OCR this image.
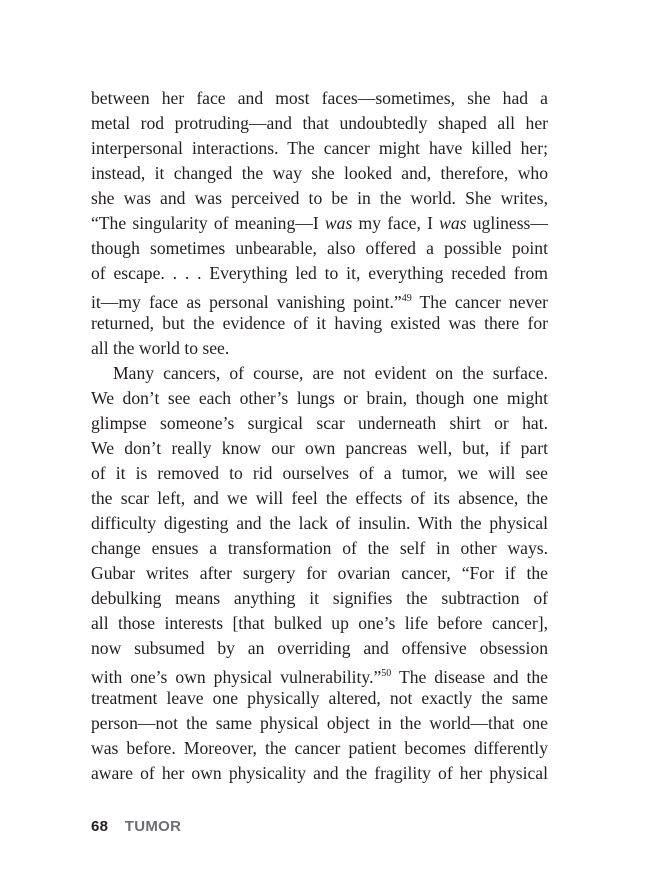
between her face and most faces—sometimes, she had a
metal rod protruding—and that undoubtedly shaped all her
interpersonal interactions. The cancer might have killed her;
instead, it changed the way she looked and, therefore, who
she was and was perceived to be in the world. She writes,
“The singularity of meaning—I was my face, I was ugliness—
though sometimes unbearable, also offered a possible point
of escape. . . . Everything led to it, everything receded from
it—my face as personal vanishing point.”$^{49}$ The cancer never
returned, but the evidence of it having existed was there for
all the world to see.
Many cancers, of course, are not evident on the surface.
We don’t see each other’s lungs or brain, though one might
glimpse someone’s surgical scar underneath shirt or hat.
We don’t really know our own pancreas well, but, if part
of it is removed to rid ourselves of a tumor, we will see
the scar left, and we will feel the effects of its absence, the
difficulty digesting and the lack of insulin. With the physical
change ensues a transformation of the self in other ways.
Gubar writes after surgery for ovarian cancer, “For if the
debulking means anything it signifies the subtraction of
all those interests [that bulked up one’s life before cancer],
now subsumed by an overriding and offensive obsession
with one’s own physical vulnerability.”$^{50}$ The disease and the
treatment leave one physically altered, not exactly the same
person—not the same physical object in the world—that one
was before. Moreover, the cancer patient becomes differently
aware of her own physicality and the fragility of her physical
68 TUMOR
